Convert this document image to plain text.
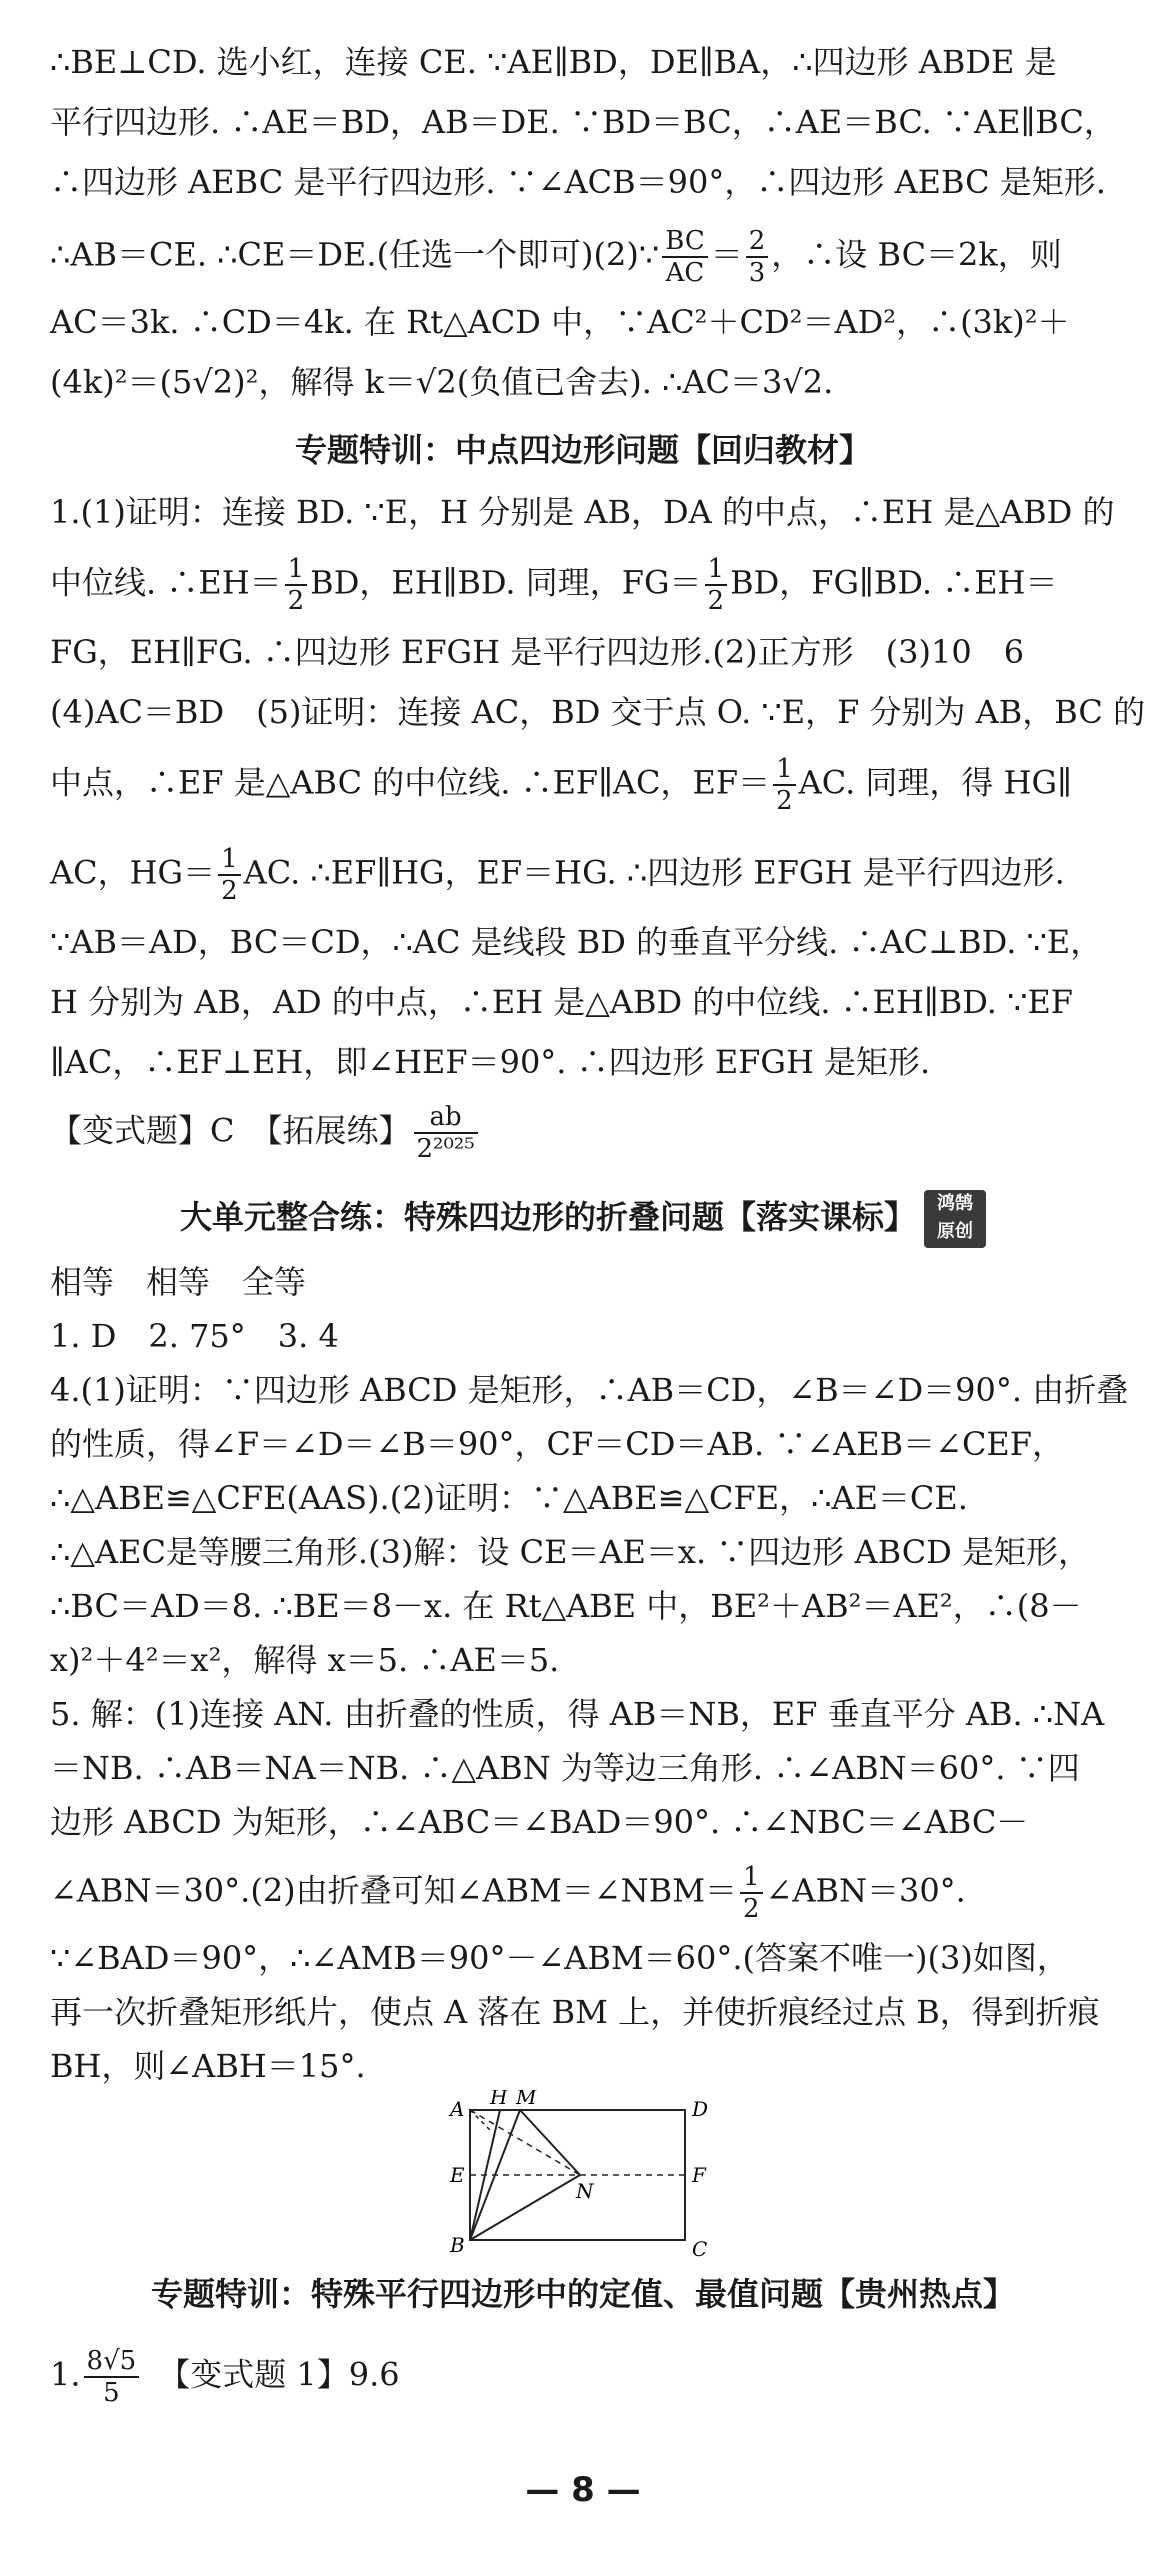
∴BE⊥CD. 选小红，连接 CE. ∵AE∥BD，DE∥BA，∴四边形 ABDE 是
平行四边形. ∴AE＝BD，AB＝DE. ∵BD＝BC，∴AE＝BC. ∵AE∥BC，
∴四边形 AEBC 是平行四边形. ∵∠ACB＝90°，∴四边形 AEBC 是矩形.
∴AB＝CE. ∴CE＝DE.(任选一个即可)(2)∵ $\frac{BC}{AC} = \frac{2}{3}$ ，∴设 BC＝2k，则
AC＝3k. ∴CD＝4k. 在 Rt△ACD 中，∵AC²＋CD²＝AD²，∴(3k)²＋
(4k)²＝(5√2)²，解得 k＝√2(负值已舍去). ∴AC＝3√2.
专题特训：中点四边形问题【回归教材】
1.(1)证明：连接 BD. ∵E，H 分别是 AB，DA 的中点，∴EH 是△ABD 的
中位线. ∴EH＝ $\frac{1}{2}$ BD，EH∥BD. 同理，$FG= \frac{1}{2}$ BD，FG∥BD. ∴EH＝
FG，EH∥FG. ∴四边形 EFGH 是平行四边形.(2)正方形　(3)10　6
(4)AC＝BD　(5)证明：连接 AC，BD 交于点 O. ∵E，F 分别为 AB，BC 的
中点，∴EF 是△ABC 的中位线. ∴EF∥AC，$EF= \frac{1}{2}$ AC. 同理，得 HG∥
AC，$HG= \frac{1}{2}$ AC. ∴EF∥HG，EF＝HG. ∴四边形 EFGH 是平行四边形.
∵AB＝AD，BC＝CD，∴AC 是线段 BD 的垂直平分线. ∴AC⊥BD. ∵E，
H 分别为 AB，AD 的中点，∴EH 是△ABD 的中位线. ∴EH∥BD. ∵EF
∥AC，∴EF⊥EH，即∠HEF＝90°. ∴四边形 EFGH 是矩形.
【变式题】C　【拓展练】 $\frac{ab}{\text{2²⁰²⁵}}$
大单元整合练：特殊四边形的折叠问题【落实课标】 鸿鹄
原创
相等　相等　全等
1. D　2. 75°　3. 4
4.(1)证明：∵四边形 ABCD 是矩形，∴AB＝CD，∠B＝∠D＝90°. 由折叠
的性质，得∠F＝∠D＝∠B＝90°，CF＝CD＝AB. ∵∠AEB＝∠CEF，
∴△ABE≌△CFE(AAS).(2)证明：∵△ABE≌△CFE，∴AE＝CE.
∴△AEC是等腰三角形.(3)解：设 CE＝AE＝x. ∵四边形 ABCD 是矩形，
∴BC＝AD＝8. ∴BE＝8－x. 在 Rt△ABE 中，BE²＋AB²＝AE²，∴(8－
x)²＋4²＝x²，解得 x＝5. ∴AE＝5.
5. 解：(1)连接 AN. 由折叠的性质，得 AB＝NB，EF 垂直平分 AB. ∴NA
＝NB. ∴AB＝NA＝NB. ∴△ABN 为等边三角形. ∴∠ABN＝60°. ∵四
边形 ABCD 为矩形，∴∠ABC＝∠BAD＝90°. ∴∠NBC＝∠ABC－
∠ABN＝30°.(2)由折叠可知∠ABM＝∠NBM＝ $\frac{1}{2}$ ∠ABN＝30°.
∵∠BAD＝90°，∴∠AMB＝90°－∠ABM＝60°.(答案不唯一)(3)如图，
再一次折叠矩形纸片，使点 A 落在 BM 上，并使折痕经过点 B，得到折痕
BH，则∠ABH＝15°.
A H M	D
E	F
N
B	C
专题特训：特殊平行四边形中的定值、最值问题【贵州热点】
1. $\frac{8√5}{5}$
　 【变式题 1】9.6
— 8 —
